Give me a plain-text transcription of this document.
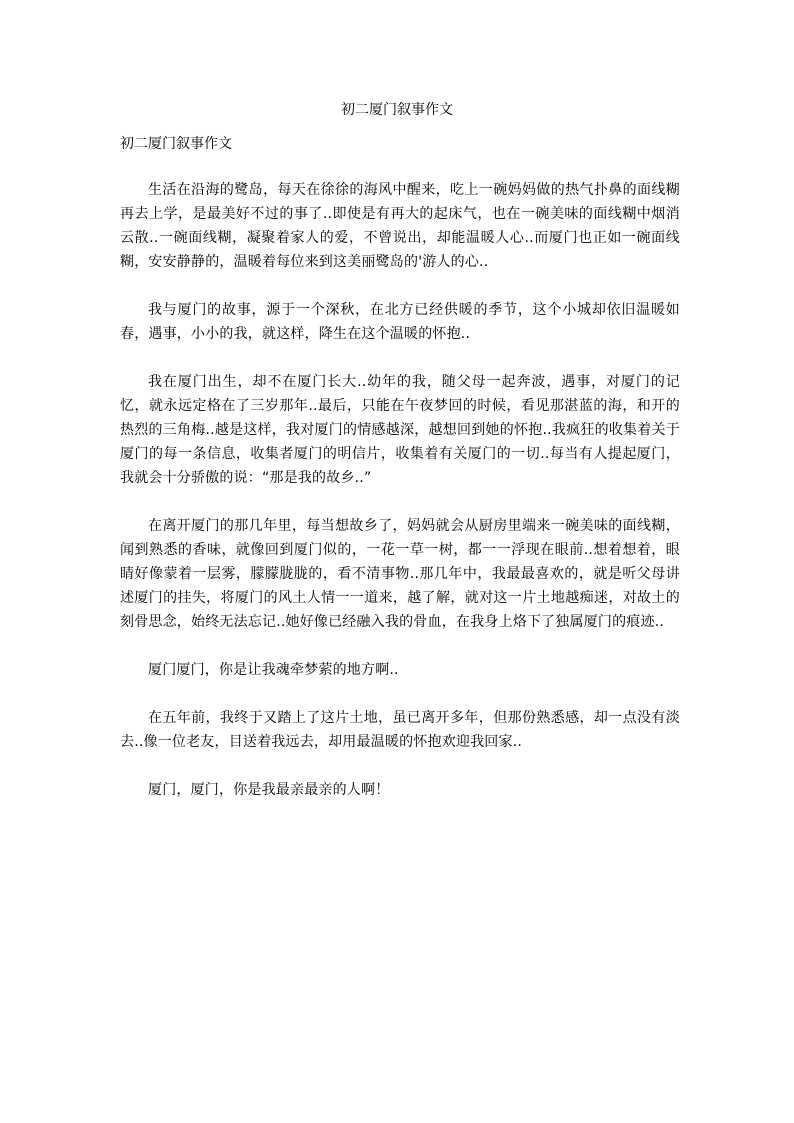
初二厦门叙事作文
初二厦门叙事作文

生活在沿海的鹭岛，每天在徐徐的海风中醒来，吃上一碗妈妈做的热气扑鼻的面线糊再去上学，是最美好不过的事了..即使是有再大的起床气，也在一碗美味的面线糊中烟消云散..一碗面线糊，凝聚着家人的爱，不曾说出，却能温暖人心..而厦门也正如一碗面线糊，安安静静的，温暖着每位来到这美丽鹭岛的'游人的心..

我与厦门的故事，源于一个深秋，在北方已经供暖的季节，这个小城却依旧温暖如春，遇事，小小的我，就这样，降生在这个温暖的怀抱..

我在厦门出生，却不在厦门长大..幼年的我，随父母一起奔波，遇事，对厦门的记忆，就永远定格在了三岁那年..最后，只能在午夜梦回的时候，看见那湛蓝的海，和开的热烈的三角梅..越是这样，我对厦门的情感越深，越想回到她的怀抱..我疯狂的收集着关于厦门的每一条信息，收集者厦门的明信片，收集着有关厦门的一切..每当有人提起厦门，我就会十分骄傲的说：“那是我的故乡..”

在离开厦门的那几年里，每当想故乡了，妈妈就会从厨房里端来一碗美味的面线糊，闻到熟悉的香味，就像回到厦门似的，一花一草一树，都一一浮现在眼前..想着想着，眼睛好像蒙着一层雾，朦朦胧胧的，看不清事物..那几年中，我最最喜欢的，就是听父母讲述厦门的挂失，将厦门的风土人情一一道来，越了解，就对这一片土地越痴迷，对故土的刻骨思念，始终无法忘记..她好像已经融入我的骨血，在我身上烙下了独属厦门的痕迹..

厦门厦门，你是让我魂牵梦萦的地方啊..

在五年前，我终于又踏上了这片土地，虽已离开多年，但那份熟悉感，却一点没有淡去..像一位老友，目送着我远去，却用最温暖的怀抱欢迎我回家..

厦门，厦门，你是我最亲最亲的人啊！
